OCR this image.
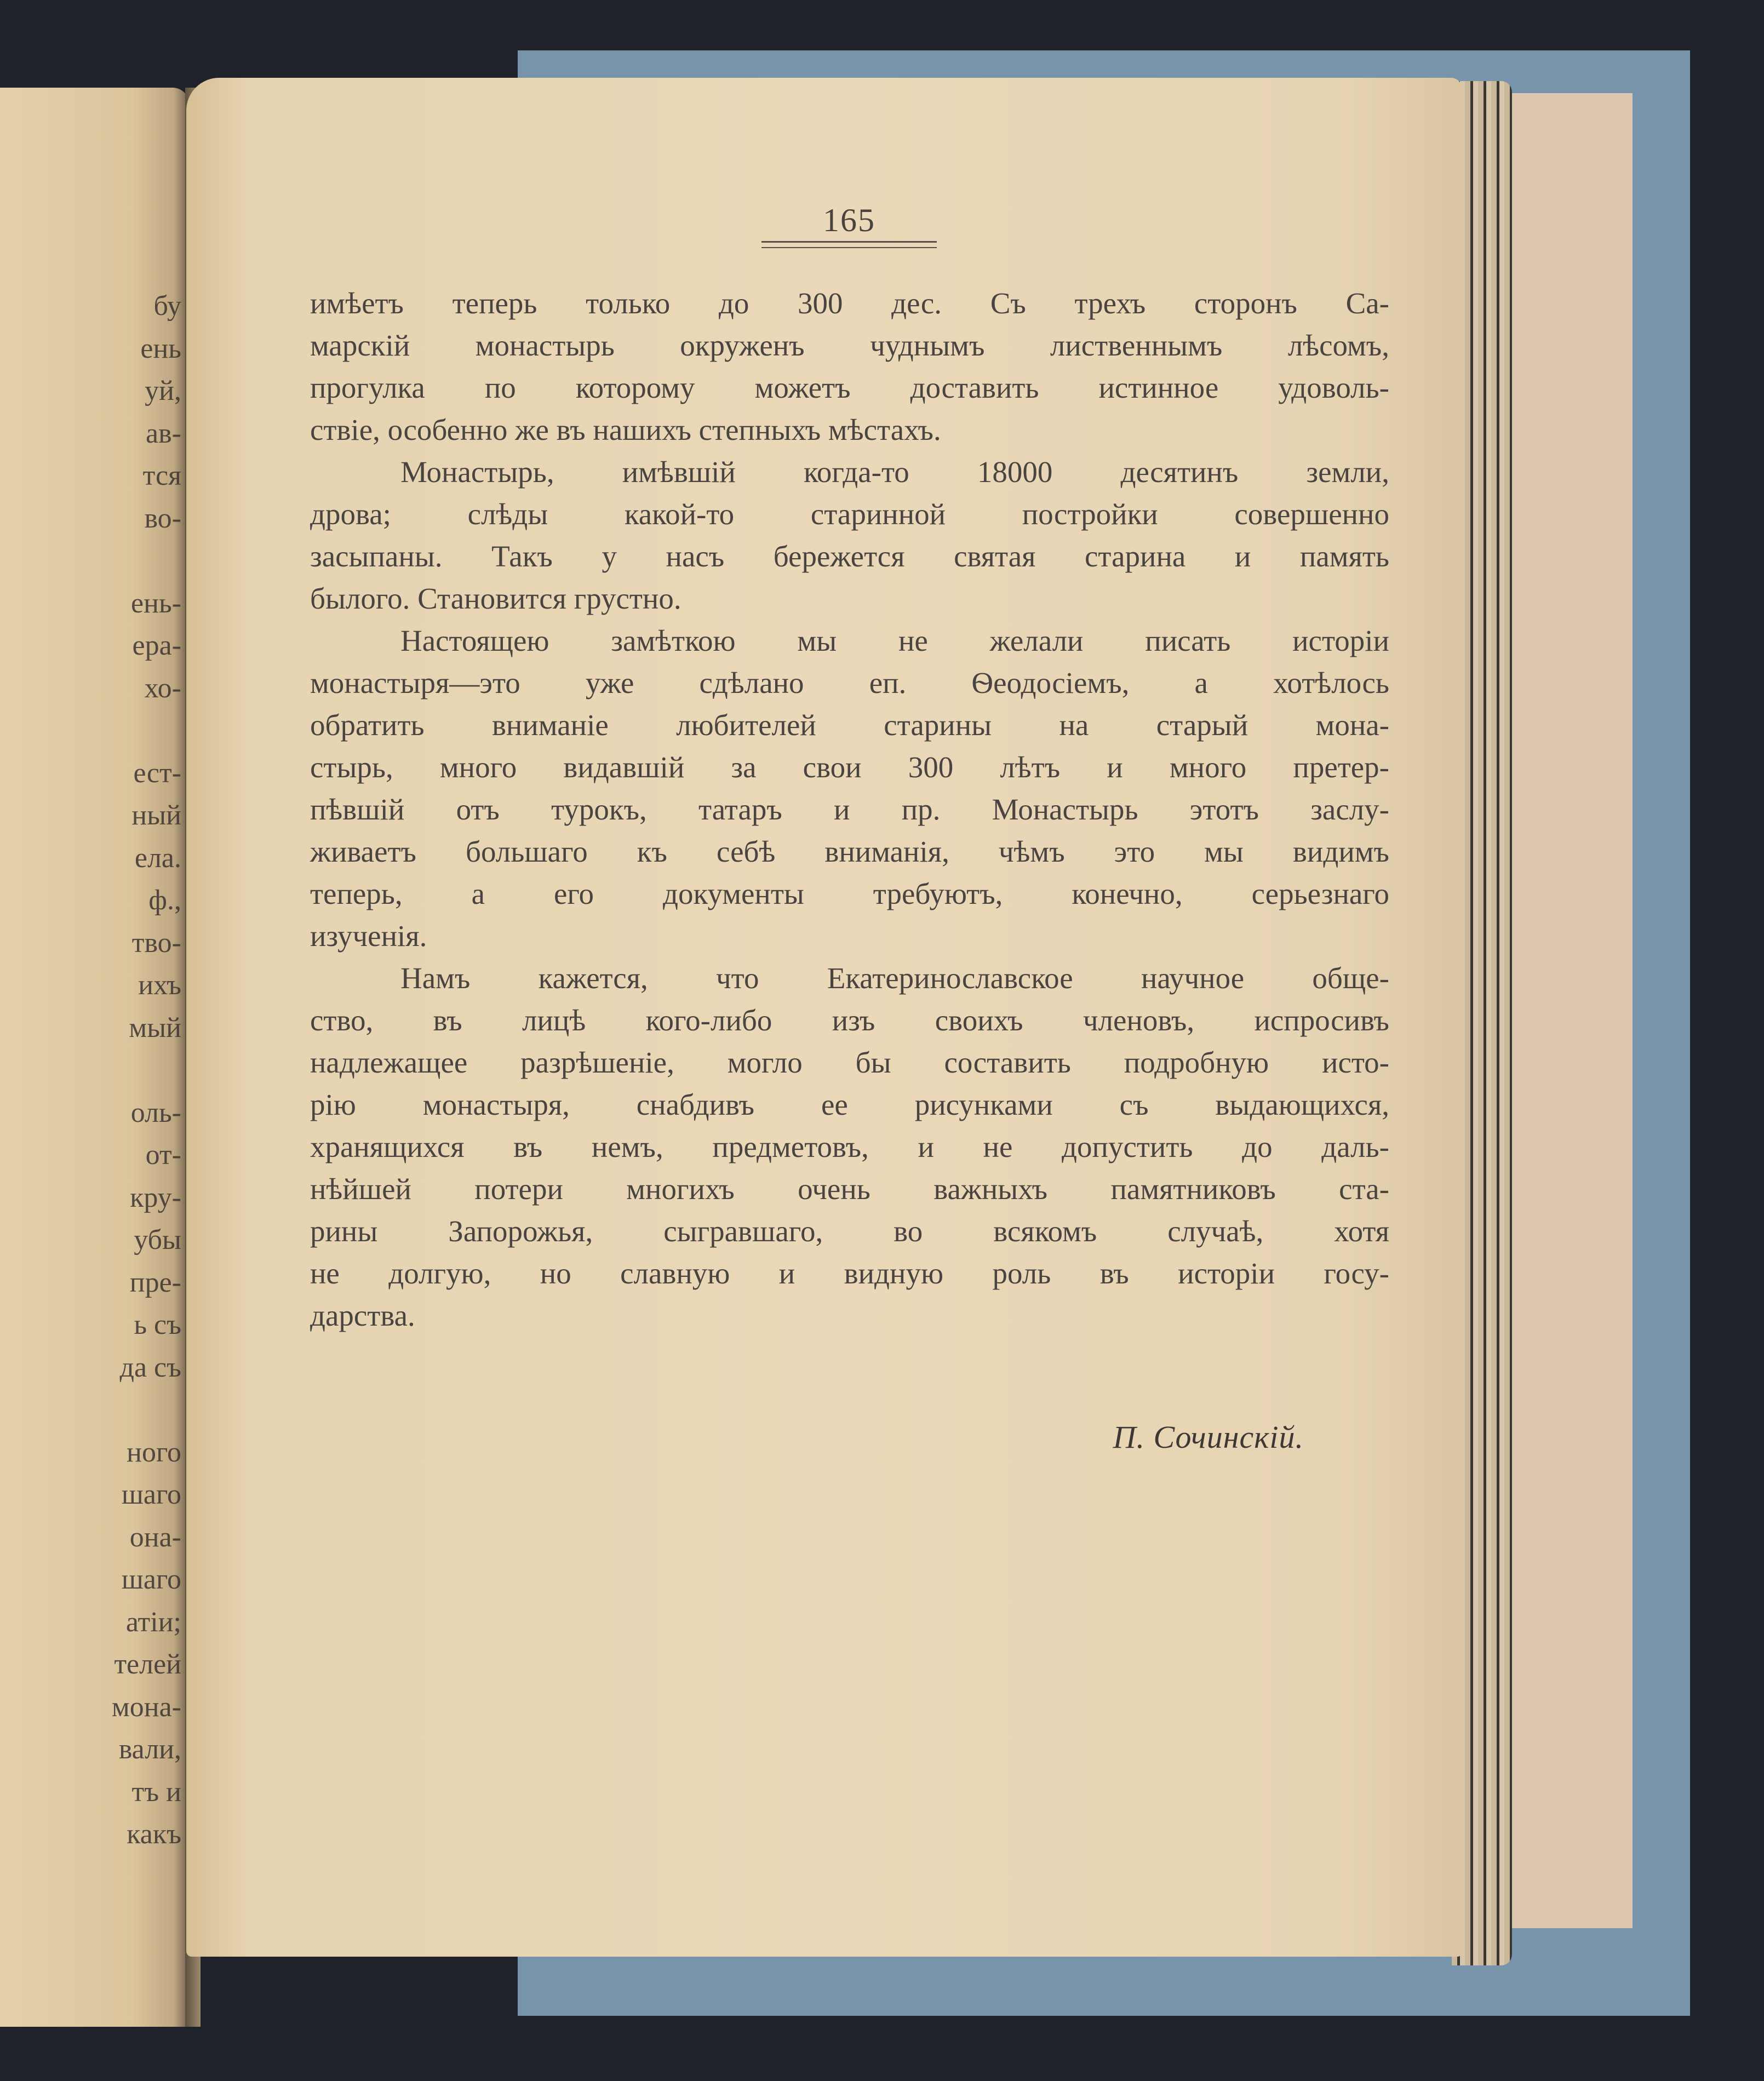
бу
ень
уй,
ав-
тся
во-
ень-
ера-
хо-
ест-
ный
ела.
ф.,
тво-
ихъ
мый
оль-
от-
кру-
убы
пре-
ь съ
да съ
ного
шаго
она-
шаго
атіи;
телей
мона-
вали,
тъ и
какъ
165
имѣетъ теперь только до 300 дес. Съ трехъ сторонъ Са-
марскій монастырь окруженъ чуднымъ лиственнымъ лѣсомъ,
прогулка по которому можетъ доставить истинное удоволь-
ствіе, особенно же въ нашихъ степныхъ мѣстахъ.
Монастырь, имѣвшій когда-то 18000 десятинъ земли,
дрова; слѣды какой-то старинной постройки совершенно
засыпаны. Такъ у насъ бережется святая старина и память
былого. Становится грустно.
Настоящею замѣткою мы не желали писать исторіи
монастыря—это уже сдѣлано еп. Ѳеодосіемъ, а хотѣлось
обратить вниманіе любителей старины на старый мона-
стырь, много видавшій за свои 300 лѣтъ и много претер-
пѣвшій отъ турокъ, татаръ и пр. Монастырь этотъ заслу-
живаетъ большаго къ себѣ вниманія, чѣмъ это мы видимъ
теперь, а его документы требуютъ, конечно, серьезнаго
изученія.
Намъ кажется, что Екатеринославское научное обще-
ство, въ лицѣ кого-либо изъ своихъ членовъ, испросивъ
надлежащее разрѣшеніе, могло бы составить подробную исто-
рію монастыря, снабдивъ ее рисунками съ выдающихся,
хранящихся въ немъ, предметовъ, и не допустить до даль-
нѣйшей потери многихъ очень важныхъ памятниковъ ста-
рины Запорожья, сыгравшаго, во всякомъ случаѣ, хотя
не долгую, но славную и видную роль въ исторіи госу-
дарства.
П. Сочинскій.
